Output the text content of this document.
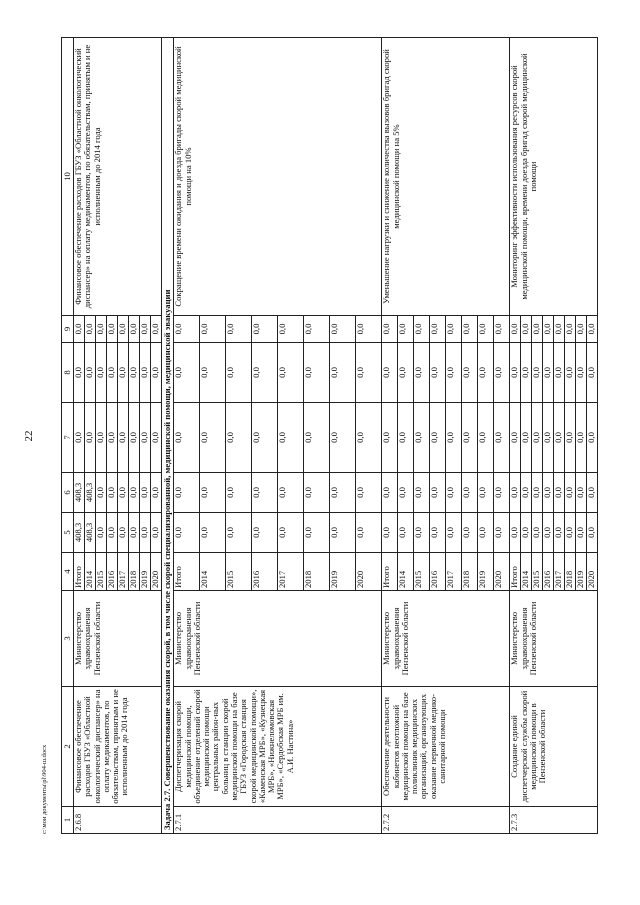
22
c:\мои документы\pl\904-ш.docx 1	2	3	4	5	6	7	8	9	10
2.6.8	Финансовое обеспечение расходов ГБУЗ «Областной онкологический диспансер» на оплату медикаментов, по обязательствам, принятым и не исполненным до 2014 года	Министерство здравоохранения Пензенской области	Итого	408,3	408,3	0,0	0,0	0,0	Финансовое обеспечение расходов ГБУЗ «Областной онкологический диспансер» на оплату медикаментов, по обязательствам, принятым и не исполненным до 2014 года
			2014	408,3	408,3	0,0	0,0	0,0	
			2015	0,0	0,0	0,0	0,0	0,0	
			2016	0,0	0,0	0,0	0,0	0,0	
			2017	0,0	0,0	0,0	0,0	0,0	
			2018	0,0	0,0	0,0	0,0	0,0	
			2019	0,0	0,0	0,0	0,0	0,0	
			2020	0,0	0,0	0,0	0,0	0,0	
Задача 2.7. Совершенствование оказания скорой, в том числе скорой специализированной, медицинской помощи, медицинской эвакуации									
2.7.1	Диспетчеризация скорой медицинской помощи, объединение отделений скорой медицинской помощи центральных район-ных больниц в станции скорой медицинской помощи на базе ГБУЗ «Городская станция скорой медицинской помощи», «Каменская МРБ», «Кузнецкая МРБ», «Нижнеломовская МРБ», «Сердобская МРБ им. А.И. Настина»	Министерство здравоохранения Пензенской области	Итого	0,0	0,0	0,0	0,0	0,0	Сокращение времени ожидания и доезда бригады скорой медицинской помощи на 10%
			2014	0,0	0,0	0,0	0,0	0,0	
			2015	0,0	0,0	0,0	0,0	0,0	
			2016	0,0	0,0	0,0	0,0	0,0	
			2017	0,0	0,0	0,0	0,0	0,0	
			2018	0,0	0,0	0,0	0,0	0,0	
			2019	0,0	0,0	0,0	0,0	0,0	
			2020	0,0	0,0	0,0	0,0	0,0	
2.7.2	Обеспечение деятельности кабинетов неотложной медицинской помощи на базе поликлиник медицинских организаций, организующих оказание первичной медико-санитарной помощи	Министерство здравоохранения Пензенской области	Итого	0,0	0,0	0,0	0,0	0,0	Уменьшение нагрузки и снижение количества вызовов бригад скорой медицинской помощи на 5%
			2014	0,0	0,0	0,0	0,0	0,0	
			2015	0,0	0,0	0,0	0,0	0,0	
			2016	0,0	0,0	0,0	0,0	0,0	
			2017	0,0	0,0	0,0	0,0	0,0	
			2018	0,0	0,0	0,0	0,0	0,0	
			2019	0,0	0,0	0,0	0,0	0,0	
			2020	0,0	0,0	0,0	0,0	0,0	
2.7.3	Создание единой диспетчерской службы скорой медицинской помощи в Пензенской области	Министерство здравоохранения Пензенской области	Итого	0,0	0,0	0,0	0,0	0,0	Мониторинг эффективности использования ресурсов скорой медицинской помощи, времени доезда бригад скорой медицинской помощи
			2014	0,0	0,0	0,0	0,0	0,0	
			2015	0,0	0,0	0,0	0,0	0,0	
			2016	0,0	0,0	0,0	0,0	0,0	
			2017	0,0	0,0	0,0	0,0	0,0	
			2018	0,0	0,0	0,0	0,0	0,0	
			2019	0,0	0,0	0,0	0,0	0,0	
			2020	0,0	0,0	0,0	0,0	0,0	
